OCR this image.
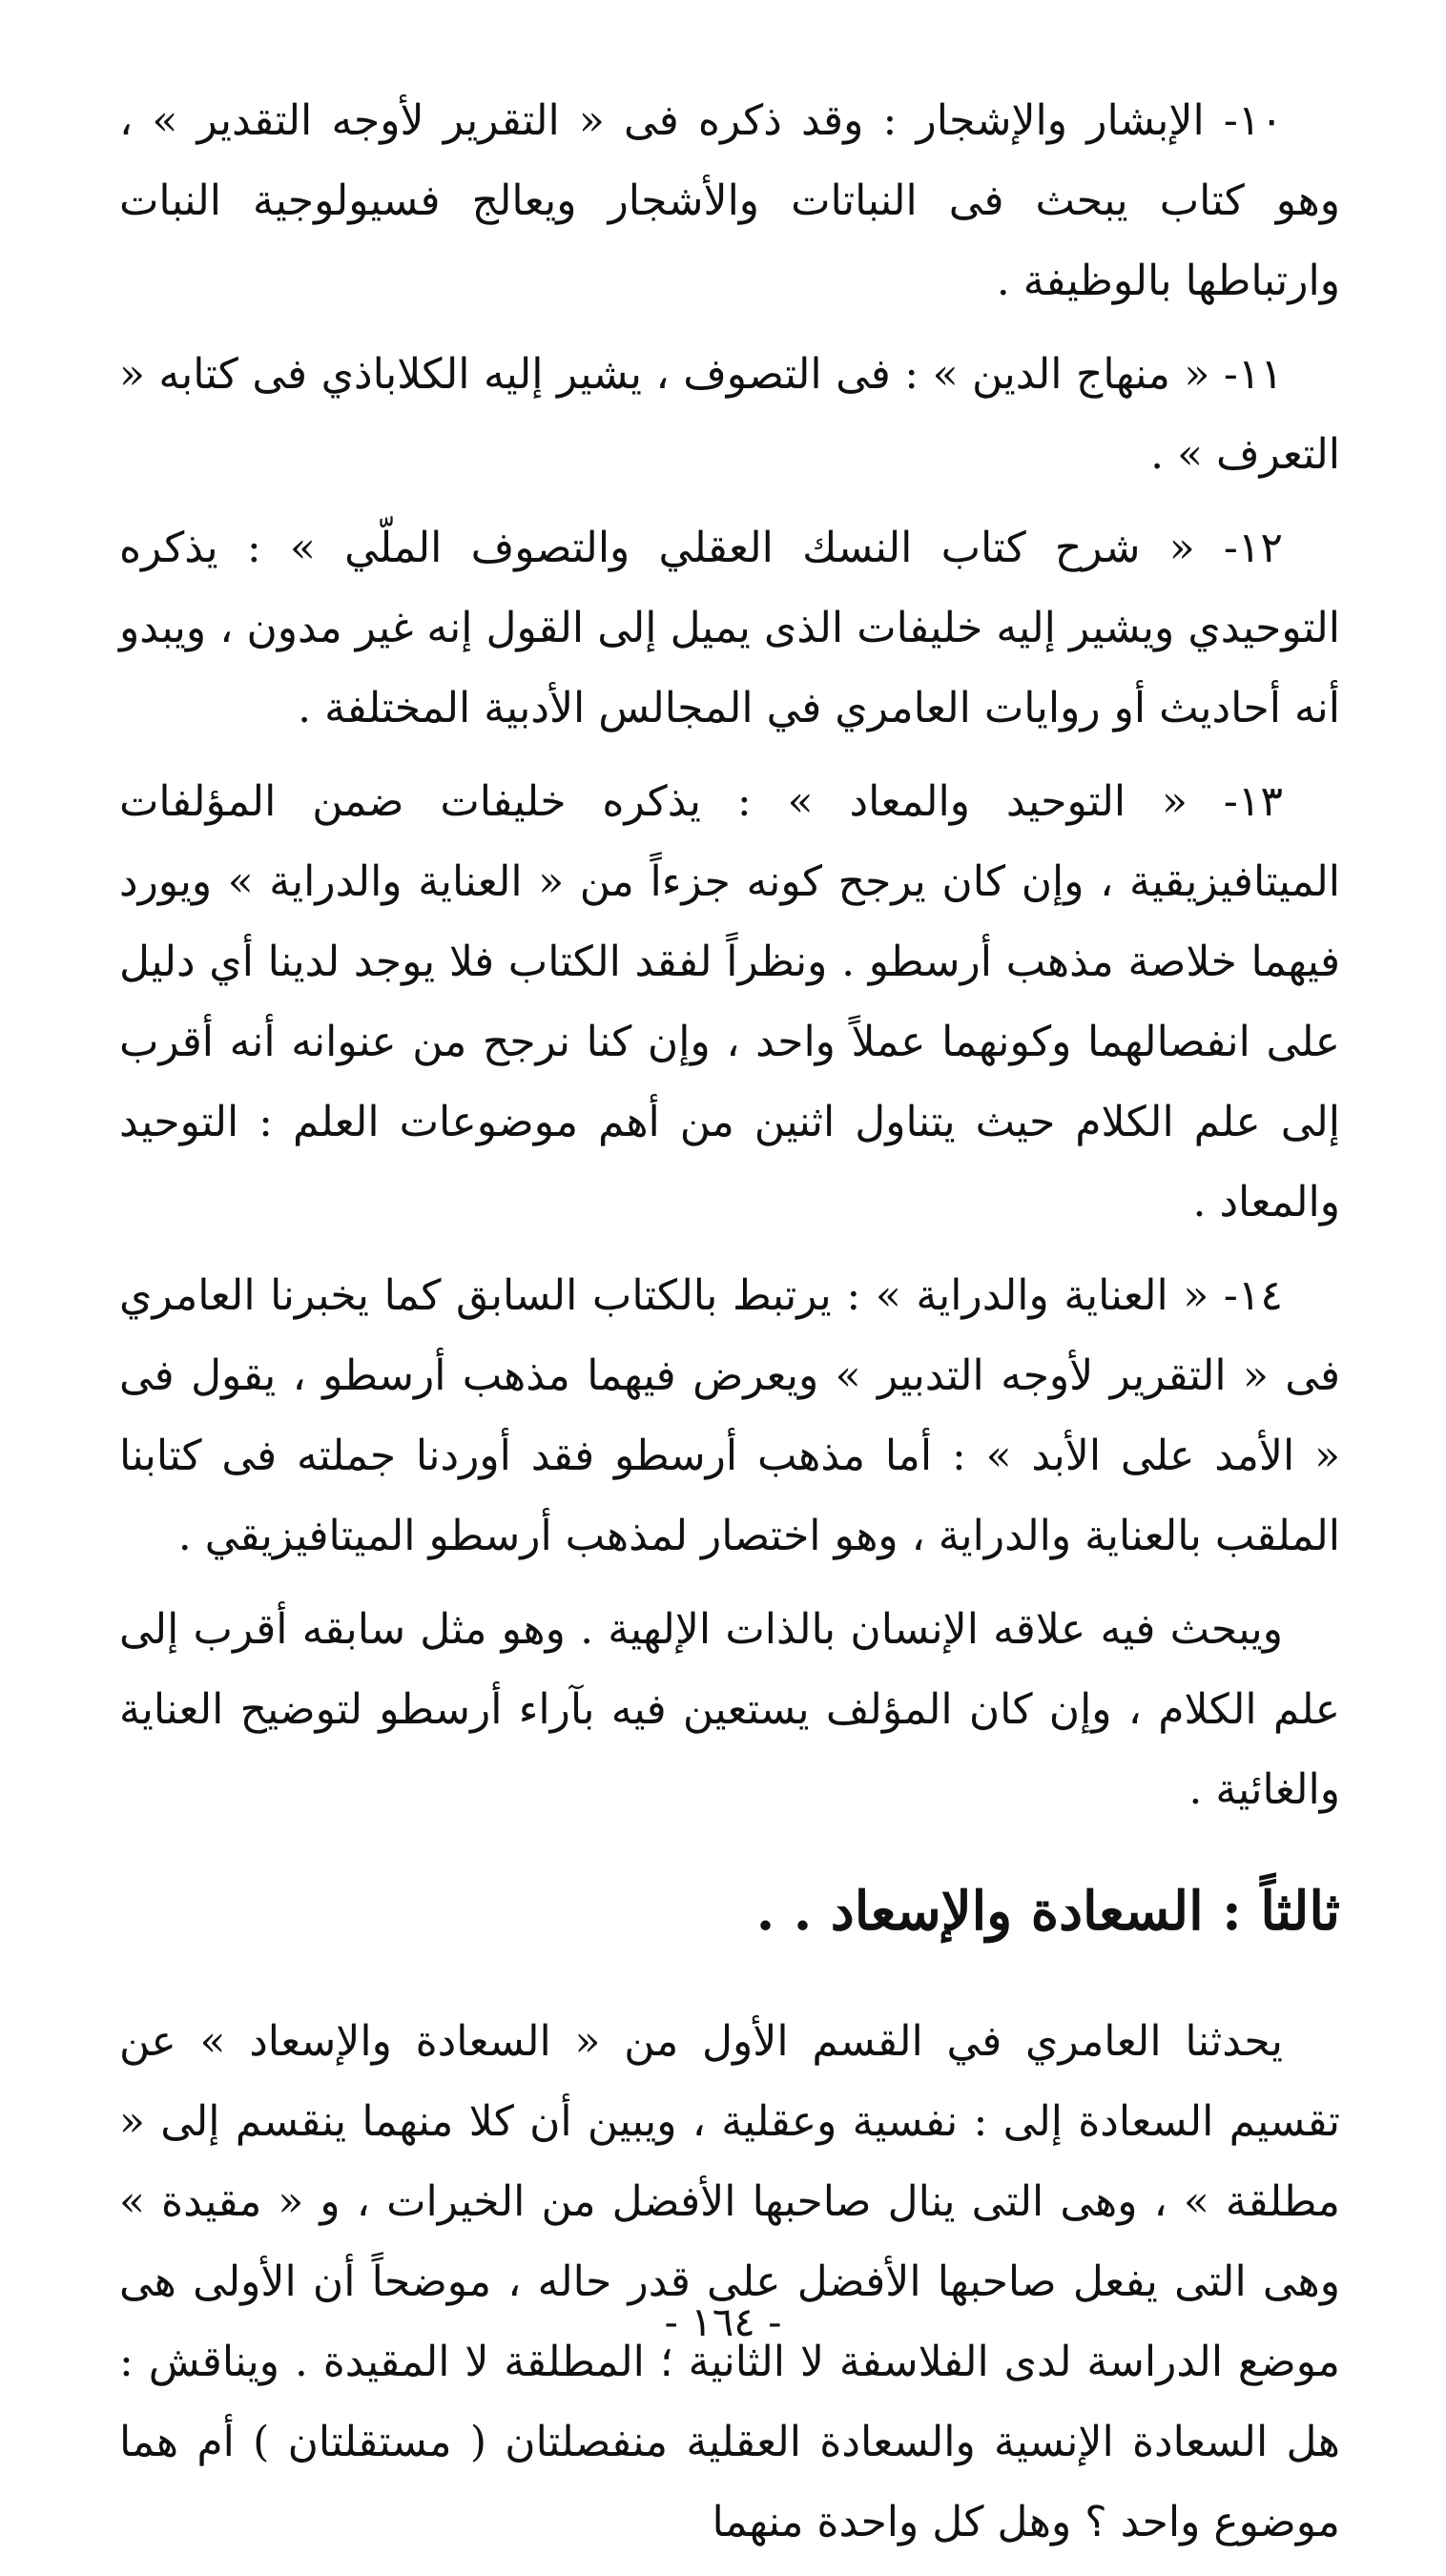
١٠- الإبشار والإشجار : وقد ذكره فى « التقرير لأوجه التقدير » ، وهو كتاب يبحث فى النباتات والأشجار ويعالج فسيولوجية النبات وارتباطها بالوظيفة .

١١- « منهاج الدين » : فى التصوف ، يشير إليه الكلاباذي فى كتابه « التعرف » .

١٢- « شرح كتاب النسك العقلي والتصوف الملّي » : يذكره التوحيدي ويشير إليه خليفات الذى يميل إلى القول إنه غير مدون ، ويبدو أنه أحاديث أو روايات العامري في المجالس الأدبية المختلفة .

١٣- « التوحيد والمعاد » : يذكره خليفات ضمن المؤلفات الميتافيزيقية ، وإن كان يرجح كونه جزءاً من « العناية والدراية » ويورد فيهما خلاصة مذهب أرسطو . ونظراً لفقد الكتاب فلا يوجد لدينا أي دليل على انفصالهما وكونهما عملاً واحد ، وإن كنا نرجح من عنوانه أنه أقرب إلى علم الكلام حيث يتناول اثنين من أهم موضوعات العلم : التوحيد والمعاد .

١٤- « العناية والدراية » : يرتبط بالكتاب السابق كما يخبرنا العامري فى « التقرير لأوجه التدبير » ويعرض فيهما مذهب أرسطو ، يقول فى « الأمد على الأبد » : أما مذهب أرسطو فقد أوردنا جملته فى كتابنا الملقب بالعناية والدراية ، وهو اختصار لمذهب أرسطو الميتافيزيقي .

ويبحث فيه علاقه الإنسان بالذات الإلهية . وهو مثل سابقه أقرب إلى علم الكلام ، وإن كان المؤلف يستعين فيه بآراء أرسطو لتوضيح العناية والغائية .

ثالثاً : السعادة والإسعاد . .

يحدثنا العامري في القسم الأول من « السعادة والإسعاد » عن تقسيم السعادة إلى : نفسية وعقلية ، ويبين أن كلا منهما ينقسم إلى « مطلقة » ، وهى التى ينال صاحبها الأفضل من الخيرات ، و « مقيدة » وهى التى يفعل صاحبها الأفضل على قدر حاله ، موضحاً أن الأولى هى موضع الدراسة لدى الفلاسفة لا الثانية ؛ المطلقة لا المقيدة . ويناقش : هل السعادة الإنسية والسعادة العقلية منفصلتان ( مستقلتان ) أم هما موضوع واحد ؟ وهل كل واحدة منهما

- ١٦٤ -
